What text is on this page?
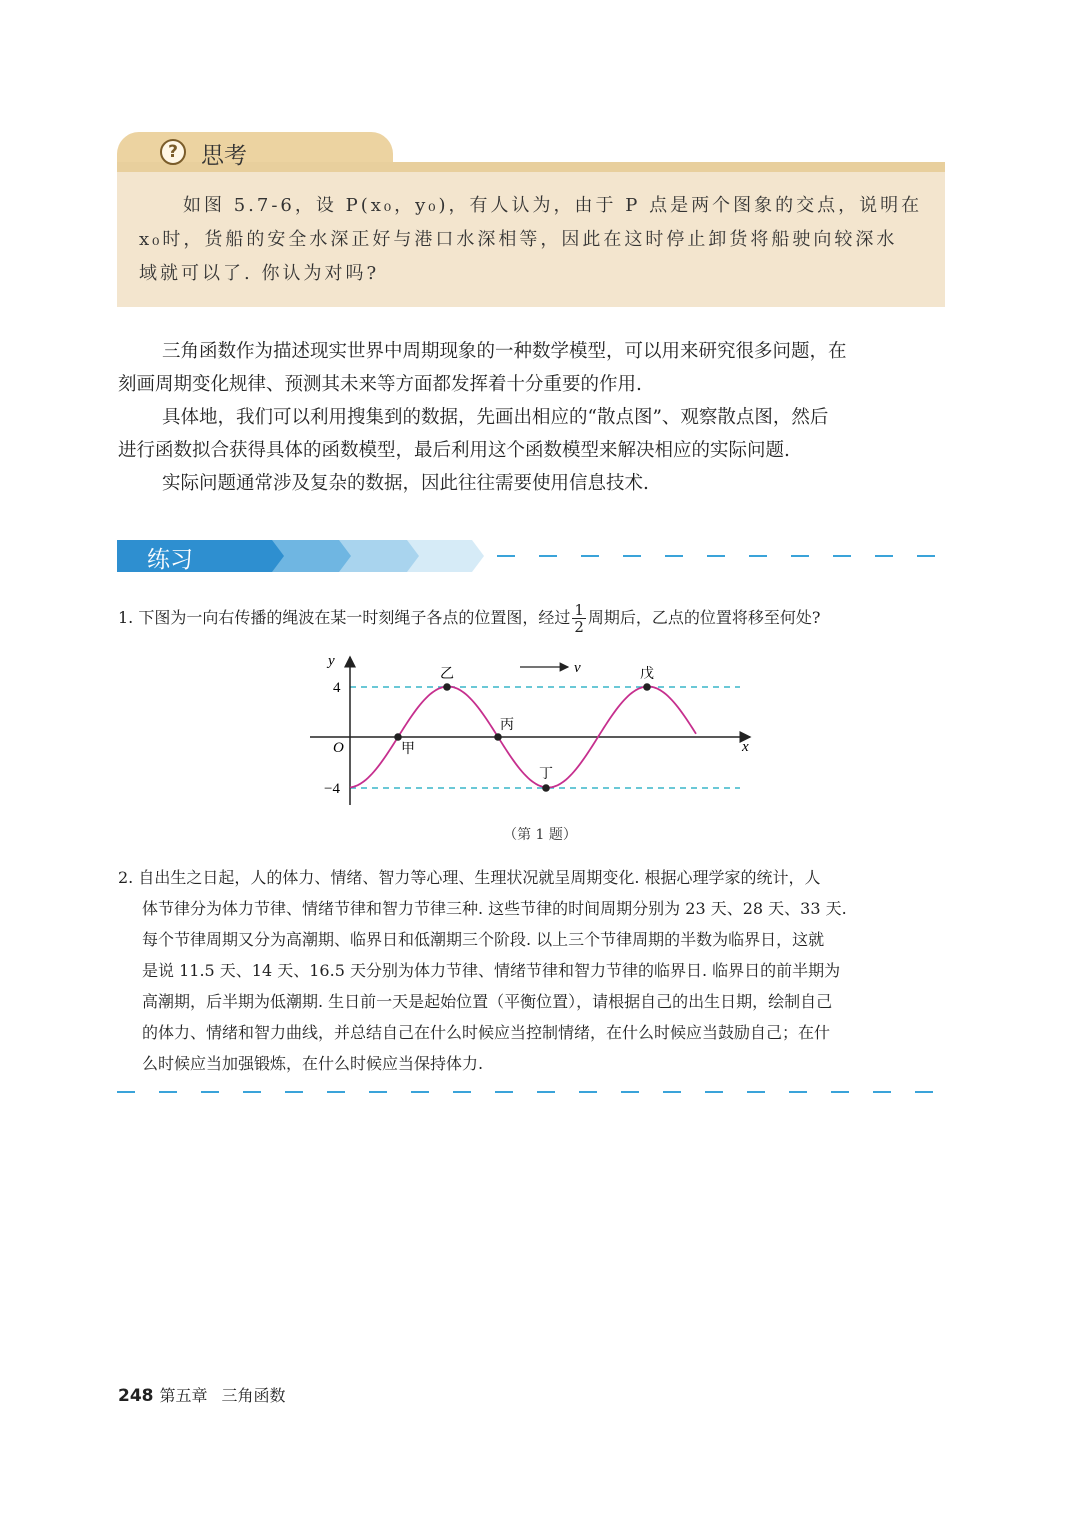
?	思考

如图 5.7-6，设 P(x₀，y₀)，有人认为，由于 P 点是两个图象的交点，说明在

x₀时，货船的安全水深正好与港口水深相等，因此在这时停止卸货将船驶向较深水

域就可以了. 你认为对吗?

三角函数作为描述现实世界中周期现象的一种数学模型，可以用来研究很多问题，在

刻画周期变化规律、预测其未来等方面都发挥着十分重要的作用.

具体地，我们可以利用搜集到的数据，先画出相应的“散点图”、观察散点图，然后

进行函数拟合获得具体的函数模型，最后利用这个函数模型来解决相应的实际问题.

实际问题通常涉及复杂的数据，因此往往需要使用信息技术.

练习
1. 下图为一向右传播的绳波在某一时刻绳子各点的位置图，经过 $\frac{1}{2}$ 周期后，乙点的位置将移至何处?
v
y
x
O
4
−4
甲
乙
丙
丁
戊
（第 1 题）
2. 自出生之日起，人的体力、情绪、智力等心理、生理状况就呈周期变化. 根据心理学家的统计，人
体节律分为体力节律、情绪节律和智力节律三种. 这些节律的时间周期分别为 23 天、28 天、33 天.
每个节律周期又分为高潮期、临界日和低潮期三个阶段. 以上三个节律周期的半数为临界日，这就
是说 11.5 天、14 天、16.5 天分别为体力节律、情绪节律和智力节律的临界日. 临界日的前半期为
高潮期，后半期为低潮期. 生日前一天是起始位置（平衡位置），请根据自己的出生日期，绘制自己
的体力、情绪和智力曲线，并总结自己在什么时候应当控制情绪，在什么时候应当鼓励自己；在什
么时候应当加强锻炼，在什么时候应当保持体力.
248 第五章 三角函数
